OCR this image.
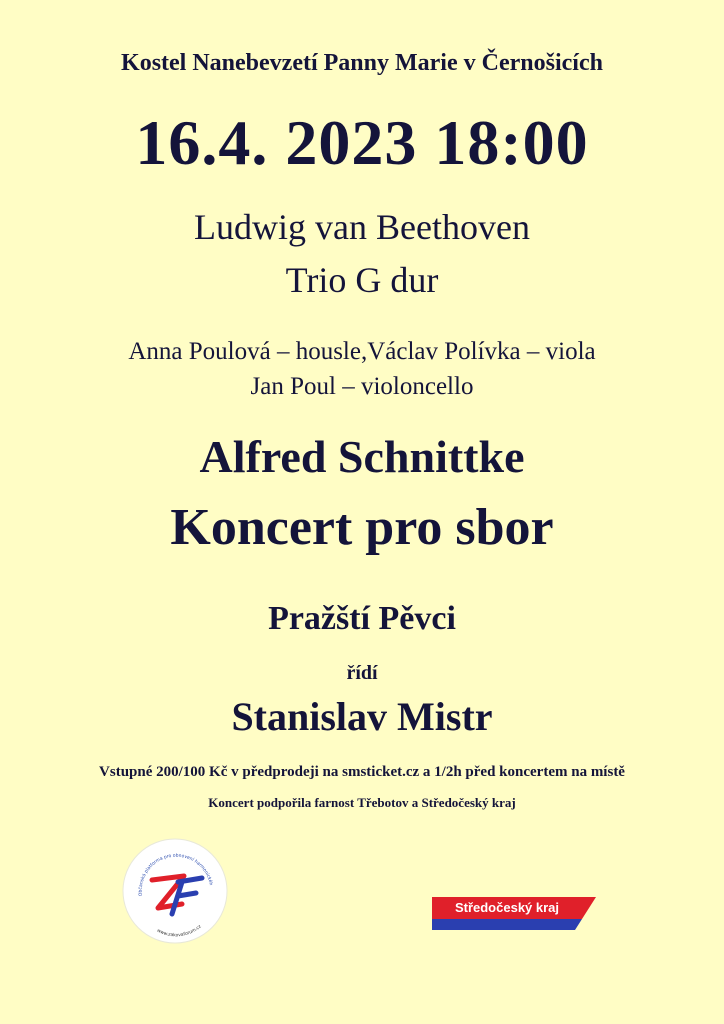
Kostel Nanebevzetí Panny Marie v Černošicích
16.4. 2023 18:00
Ludwig van Beethoven
Trio G dur
Anna Poulová – housle,Václav Polívka – viola
Jan Poul – violoncello
Alfred Schnittke
Koncert pro sbor
Pražští Pěvci
řídí
Stanislav Mistr
Vstupné 200/100 Kč v předprodeji na smsticket.cz a 1/2h před koncertem na místě
Koncert podpořila farnost Třebotov a Středočeský kraj
Občanská platforma pro obnovení harmonickéh
www.zakovaforum.cz
Středočeský kraj
